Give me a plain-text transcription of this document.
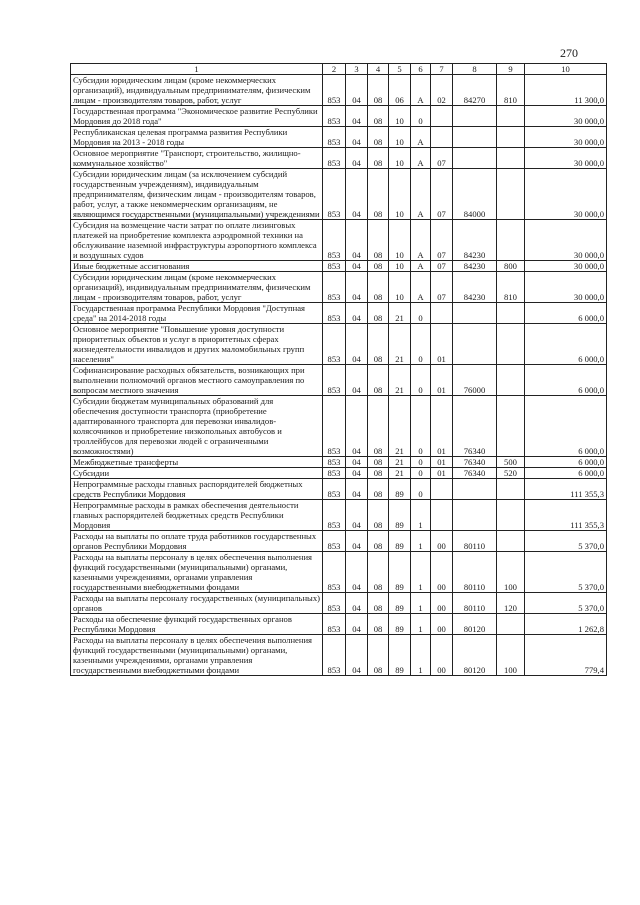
270
1	2	3	4	5	6	7	8	9	10
Субсидии юридическим лицам (кроме некоммерческих организаций), индивидуальным предпринимателям, физическим лицам - производителям товаров, работ, услуг	853	04	08	06	А	02	84270	810	11 300,0
Государственная программа "Экономическое развитие Республики Мордовия до 2018 года"	853	04	08	10	0				30 000,0
Республиканская целевая программа развития Республики Мордовия на 2013 - 2018 годы	853	04	08	10	А				30 000,0
Основное мероприятие "Транспорт, строительство, жилищно-коммунальное хозяйство"	853	04	08	10	А	07			30 000,0
Субсидии юридическим лицам (за исключением субсидий государственным учреждениям), индивидуальным предпринимателям, физическим лицам - производителям товаров, работ, услуг, а также некоммерческим организациям, не являющимся государственными (муниципальными) учреждениями	853	04	08	10	А	07	84000		30 000,0
Субсидия на возмещение части затрат по оплате лизинговых платежей на приобретение комплекта аэродромной техники на обслуживание наземной инфраструктуры аэропортного комплекса и воздушных судов	853	04	08	10	А	07	84230		30 000,0
Иные бюджетные ассигнования	853	04	08	10	А	07	84230	800	30 000,0
Субсидии юридическим лицам (кроме некоммерческих организаций), индивидуальным предпринимателям, физическим лицам - производителям товаров, работ, услуг	853	04	08	10	А	07	84230	810	30 000,0
Государственная программа Республики Мордовия "Доступная среда" на 2014-2018 годы	853	04	08	21	0				6 000,0
Основное мероприятие "Повышение уровня доступности приоритетных объектов и услуг в приоритетных сферах жизнедеятельности инвалидов и других маломобильных групп населения"	853	04	08	21	0	01			6 000,0
Софинансирование расходных обязательств, возникающих при выполнении полномочий органов местного самоуправления по вопросам местного значения	853	04	08	21	0	01	76000		6 000,0
Субсидии бюджетам муниципальных образований для обеспечения доступности транспорта (приобретение адаптированного транспорта для перевозки инвалидов-колясочников и приобретение низкопольных автобусов и троллейбусов для перевозки людей с ограниченными возможностями)	853	04	08	21	0	01	76340		6 000,0
Межбюджетные трансферты	853	04	08	21	0	01	76340	500	6 000,0
Субсидии	853	04	08	21	0	01	76340	520	6 000,0
Непрограммные расходы главных распорядителей бюджетных средств Республики Мордовия	853	04	08	89	0				111 355,3
Непрограммные расходы в рамках обеспечения деятельности главных распорядителей бюджетных средств Республики Мордовия	853	04	08	89	1				111 355,3
Расходы на выплаты по оплате труда работников государственных органов Республики Мордовия	853	04	08	89	1	00	80110		5 370,0
Расходы на выплаты персоналу в целях обеспечения выполнения функций государственными (муниципальными) органами, казенными учреждениями, органами управления государственными внебюджетными фондами	853	04	08	89	1	00	80110	100	5 370,0
Расходы на выплаты персоналу государственных (муниципальных) органов	853	04	08	89	1	00	80110	120	5 370,0
Расходы на обеспечение функций государственных органов Республики Мордовия	853	04	08	89	1	00	80120		1 262,8
Расходы на выплаты персоналу в целях обеспечения выполнения функций государственными (муниципальными) органами, казенными учреждениями, органами управления государственными внебюджетными фондами	853	04	08	89	1	00	80120	100	779,4
